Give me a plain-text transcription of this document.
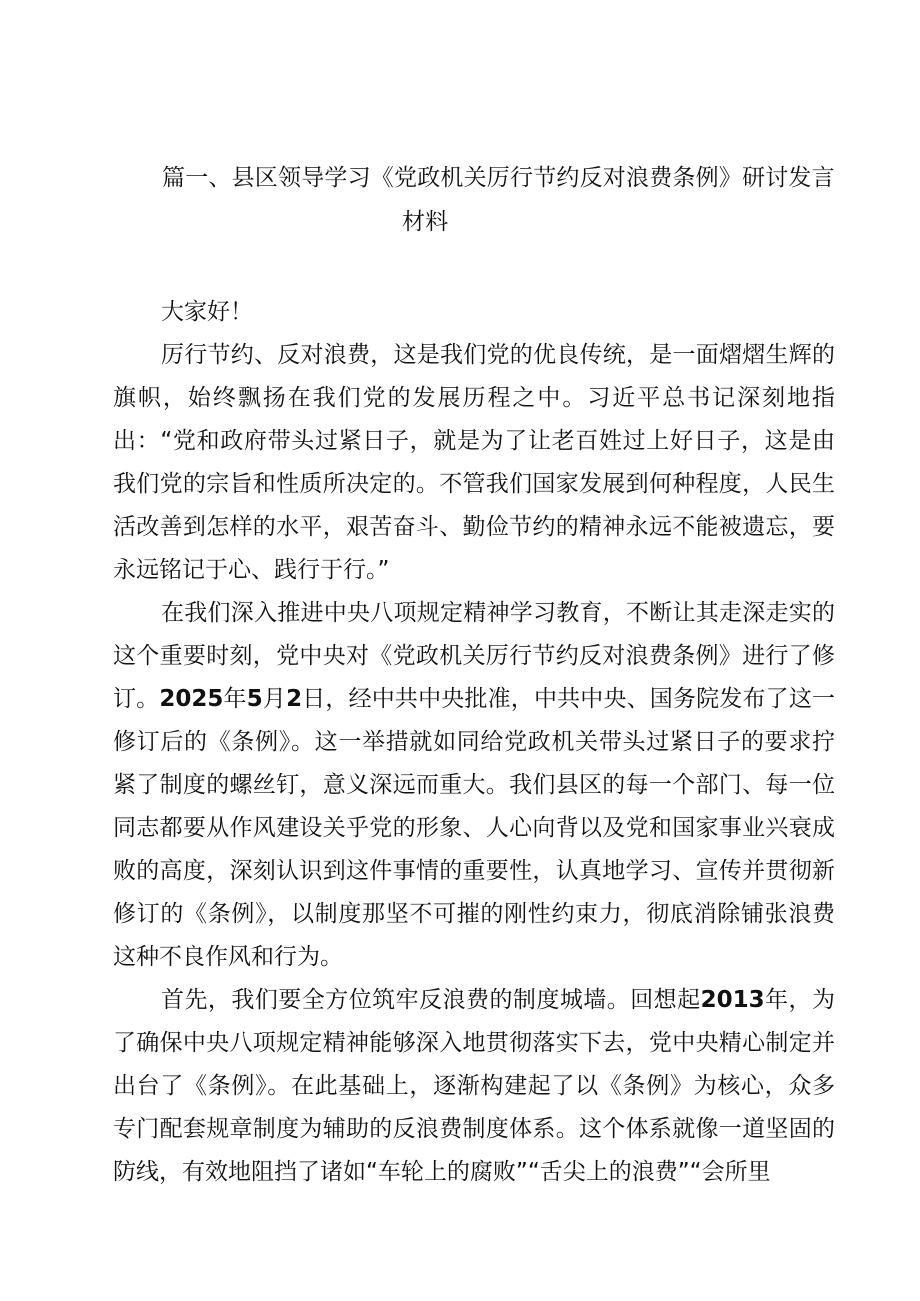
篇一、县区领导学习《党政机关厉行节约反对浪费条例》研讨发言
材料

大家好！

厉行节约、反对浪费，这是我们党的优良传统，是一面熠熠生辉的旗帜，始终飘扬在我们党的发展历程之中。习近平总书记深刻地指出：“党和政府带头过紧日子，就是为了让老百姓过上好日子，这是由我们党的宗旨和性质所决定的。不管我们国家发展到何种程度，人民生活改善到怎样的水平，艰苦奋斗、勤俭节约的精神永远不能被遗忘，要永远铭记于心、践行于行。”

在我们深入推进中央八项规定精神学习教育，不断让其走深走实的这个重要时刻，党中央对《党政机关厉行节约反对浪费条例》进行了修订。2025年5月2日，经中共中央批准，中共中央、国务院发布了这一修订后的《条例》。这一举措就如同给党政机关带头过紧日子的要求拧紧了制度的螺丝钉，意义深远而重大。我们县区的每一个部门、每一位同志都要从作风建设关乎党的形象、人心向背以及党和国家事业兴衰成败的高度，深刻认识到这件事情的重要性，认真地学习、宣传并贯彻新修订的《条例》，以制度那坚不可摧的刚性约束力，彻底消除铺张浪费这种不良作风和行为。

首先，我们要全方位筑牢反浪费的制度城墙。回想起2013年，为了确保中央八项规定精神能够深入地贯彻落实下去，党中央精心制定并出台了《条例》。在此基础上，逐渐构建起了以《条例》为核心，众多专门配套规章制度为辅助的反浪费制度体系。这个体系就像一道坚固的防线，有效地阻挡了诸如“车轮上的腐败”“舌尖上的浪费”“会所里
